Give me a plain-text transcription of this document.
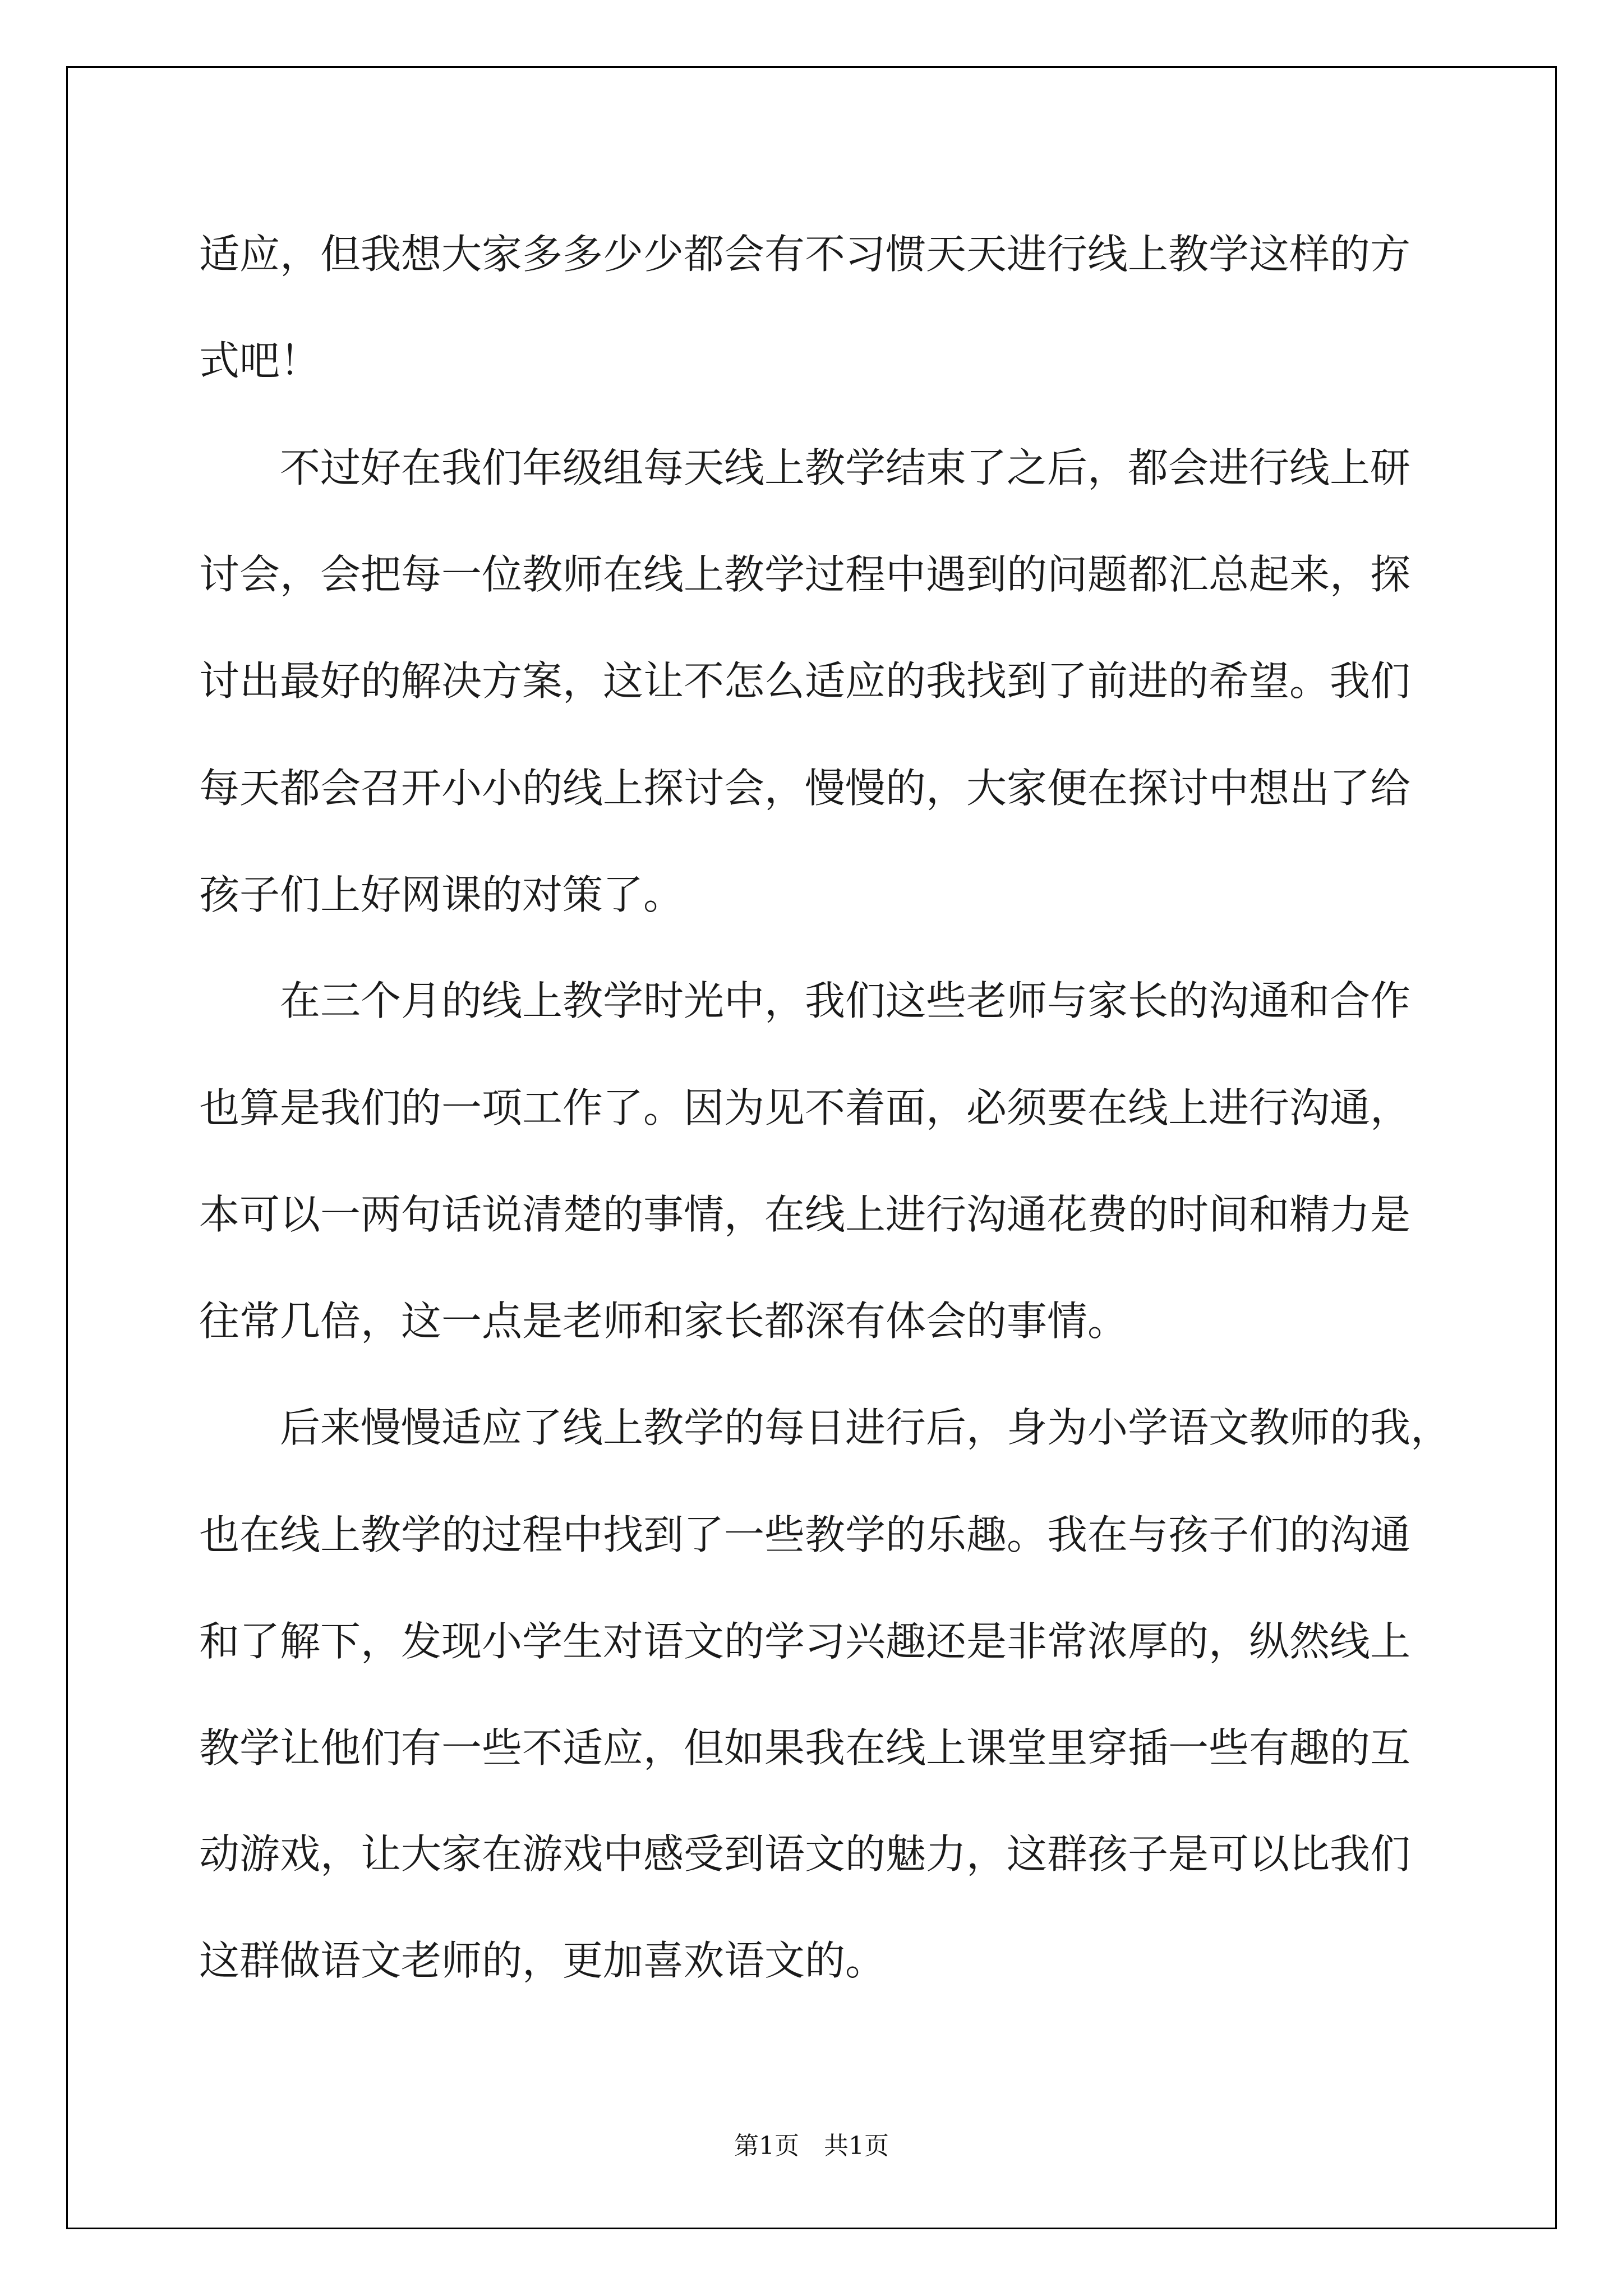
适应，但我想大家多多少少都会有不习惯天天进行线上教学这样的方
式吧！
　　不过好在我们年级组每天线上教学结束了之后，都会进行线上研
讨会，会把每一位教师在线上教学过程中遇到的问题都汇总起来，探
讨出最好的解决方案，这让不怎么适应的我找到了前进的希望。我们
每天都会召开小小的线上探讨会，慢慢的，大家便在探讨中想出了给
孩子们上好网课的对策了。
　　在三个月的线上教学时光中，我们这些老师与家长的沟通和合作
也算是我们的一项工作了。因为见不着面，必须要在线上进行沟通，
本可以一两句话说清楚的事情，在线上进行沟通花费的时间和精力是
往常几倍，这一点是老师和家长都深有体会的事情。
　　后来慢慢适应了线上教学的每日进行后，身为小学语文教师的我，
也在线上教学的过程中找到了一些教学的乐趣。我在与孩子们的沟通
和了解下，发现小学生对语文的学习兴趣还是非常浓厚的，纵然线上
教学让他们有一些不适应，但如果我在线上课堂里穿插一些有趣的互
动游戏，让大家在游戏中感受到语文的魅力，这群孩子是可以比我们
这群做语文老师的，更加喜欢语文的。
第1页　共1页
